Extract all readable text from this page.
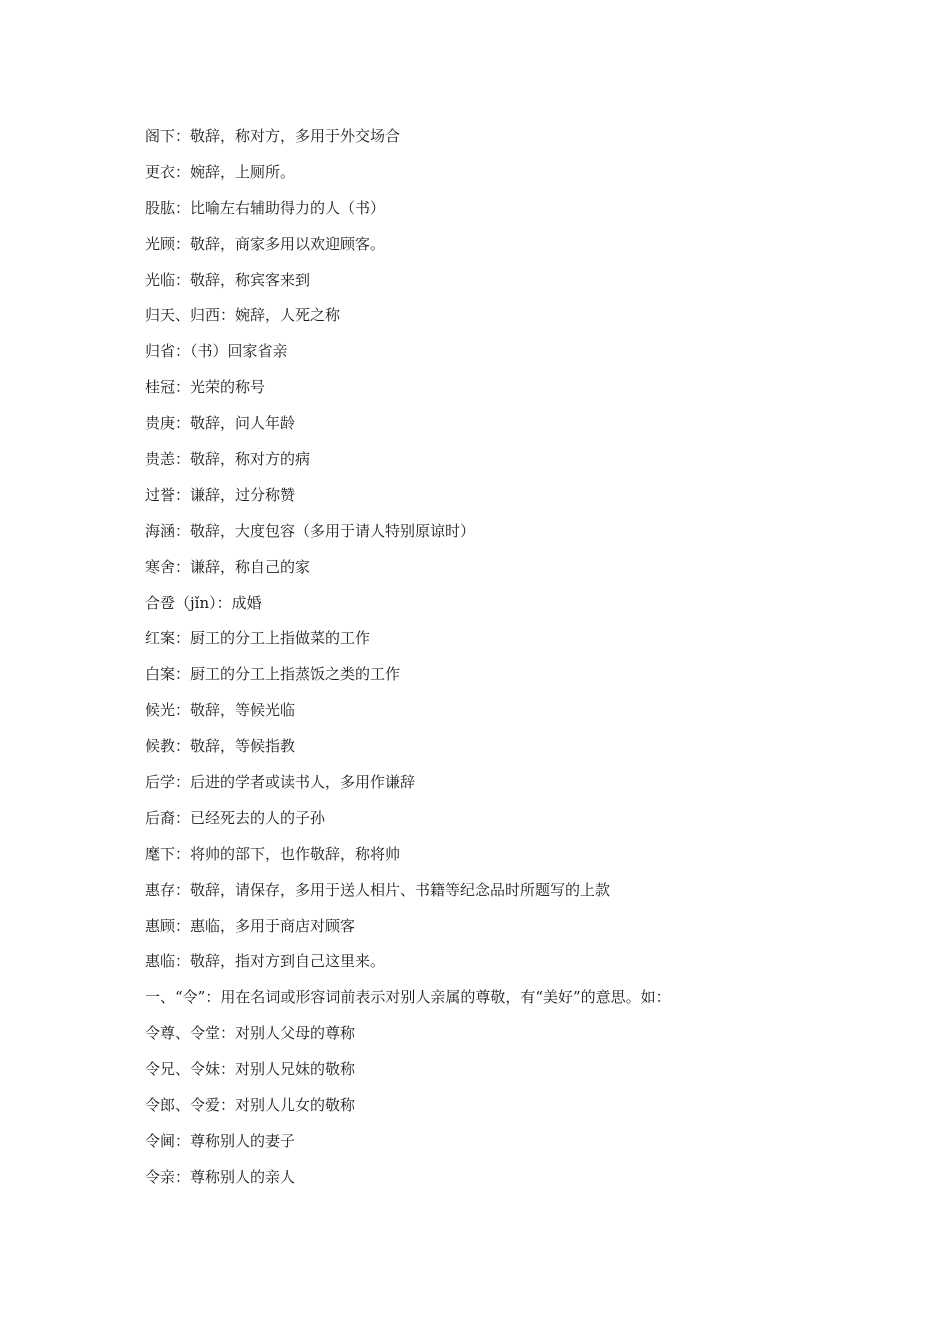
阁下：敬辞，称对方，多用于外交场合
更衣：婉辞，上厕所。
股肱：比喻左右辅助得力的人（书）
光顾：敬辞，商家多用以欢迎顾客。
光临：敬辞，称宾客来到
归天、归西：婉辞，人死之称
归省：（书）回家省亲
桂冠：光荣的称号
贵庚：敬辞，问人年龄
贵恙：敬辞，称对方的病
过誉：谦辞，过分称赞
海涵：敬辞，大度包容（多用于请人特别原谅时）
寒舍：谦辞，称自己的家
合卺（jǐn）：成婚
红案：厨工的分工上指做菜的工作
白案：厨工的分工上指蒸饭之类的工作
候光：敬辞，等候光临
候教：敬辞，等候指教
后学：后进的学者或读书人，多用作谦辞
后裔：已经死去的人的子孙
麾下：将帅的部下，也作敬辞，称将帅
惠存：敬辞，请保存，多用于送人相片、书籍等纪念品时所题写的上款
惠顾：惠临，多用于商店对顾客
惠临：敬辞，指对方到自己这里来。
一、“令”：用在名词或形容词前表示对别人亲属的尊敬，有“美好”的意思。如：
令尊、令堂：对别人父母的尊称
令兄、令妹：对别人兄妹的敬称
令郎、令爱：对别人儿女的敬称
令阃：尊称别人的妻子
令亲：尊称别人的亲人
